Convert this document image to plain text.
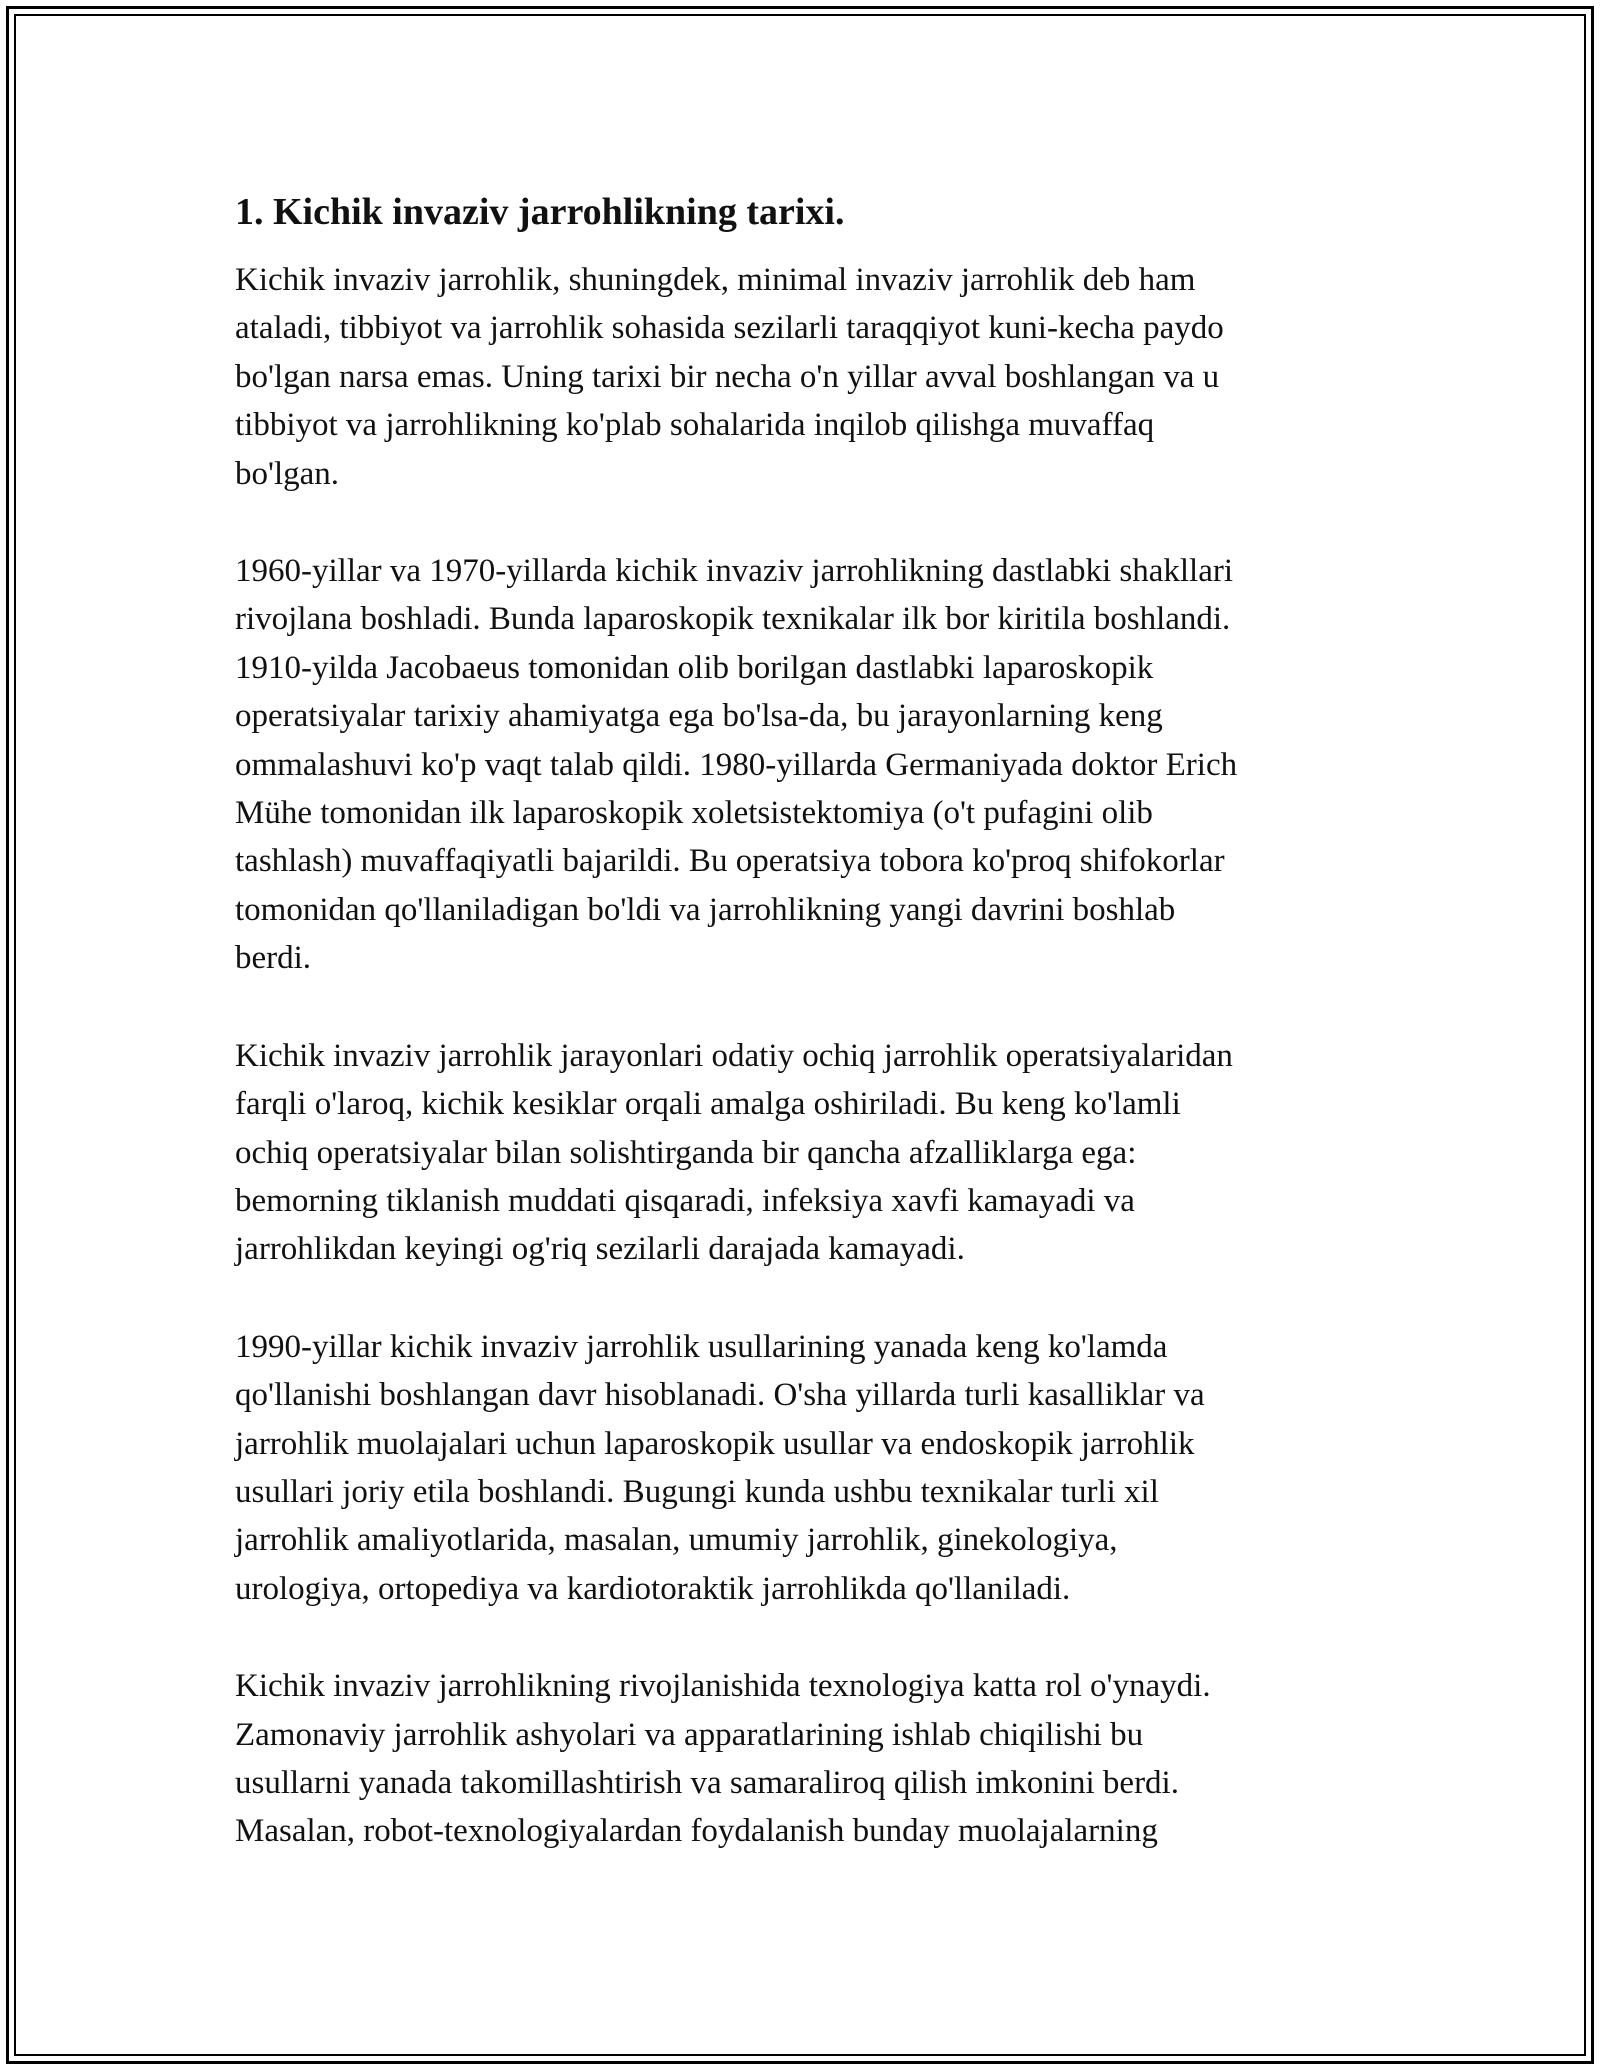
1. Kichik invaziv jarrohlikning tarixi.
Kichik invaziv jarrohlik, shuningdek, minimal invaziv jarrohlik deb ham
ataladi, tibbiyot va jarrohlik sohasida sezilarli taraqqiyot kuni-kecha paydo
bo'lgan narsa emas. Uning tarixi bir necha o'n yillar avval boshlangan va u
tibbiyot va jarrohlikning ko'plab sohalarida inqilob qilishga muvaffaq
bo'lgan.
1960-yillar va 1970-yillarda kichik invaziv jarrohlikning dastlabki shakllari
rivojlana boshladi. Bunda laparoskopik texnikalar ilk bor kiritila boshlandi.
1910-yilda Jacobaeus tomonidan olib borilgan dastlabki laparoskopik
operatsiyalar tarixiy ahamiyatga ega bo'lsa-da, bu jarayonlarning keng
ommalashuvi ko'p vaqt talab qildi. 1980-yillarda Germaniyada doktor Erich
Mühe tomonidan ilk laparoskopik xoletsistektomiya (o't pufagini olib
tashlash) muvaffaqiyatli bajarildi. Bu operatsiya tobora ko'proq shifokorlar
tomonidan qo'llaniladigan bo'ldi va jarrohlikning yangi davrini boshlab
berdi.
Kichik invaziv jarrohlik jarayonlari odatiy ochiq jarrohlik operatsiyalaridan
farqli o'laroq, kichik kesiklar orqali amalga oshiriladi. Bu keng ko'lamli
ochiq operatsiyalar bilan solishtirganda bir qancha afzalliklarga ega:
bemorning tiklanish muddati qisqaradi, infeksiya xavfi kamayadi va
jarrohlikdan keyingi og'riq sezilarli darajada kamayadi.
1990-yillar kichik invaziv jarrohlik usullarining yanada keng ko'lamda
qo'llanishi boshlangan davr hisoblanadi. O'sha yillarda turli kasalliklar va
jarrohlik muolajalari uchun laparoskopik usullar va endoskopik jarrohlik
usullari joriy etila boshlandi. Bugungi kunda ushbu texnikalar turli xil
jarrohlik amaliyotlarida, masalan, umumiy jarrohlik, ginekologiya,
urologiya, ortopediya va kardiotoraktik jarrohlikda qo'llaniladi.
Kichik invaziv jarrohlikning rivojlanishida texnologiya katta rol o'ynaydi.
Zamonaviy jarrohlik ashyolari va apparatlarining ishlab chiqilishi bu
usullarni yanada takomillashtirish va samaraliroq qilish imkonini berdi.
Masalan, robot-texnologiyalardan foydalanish bunday muolajalarning
